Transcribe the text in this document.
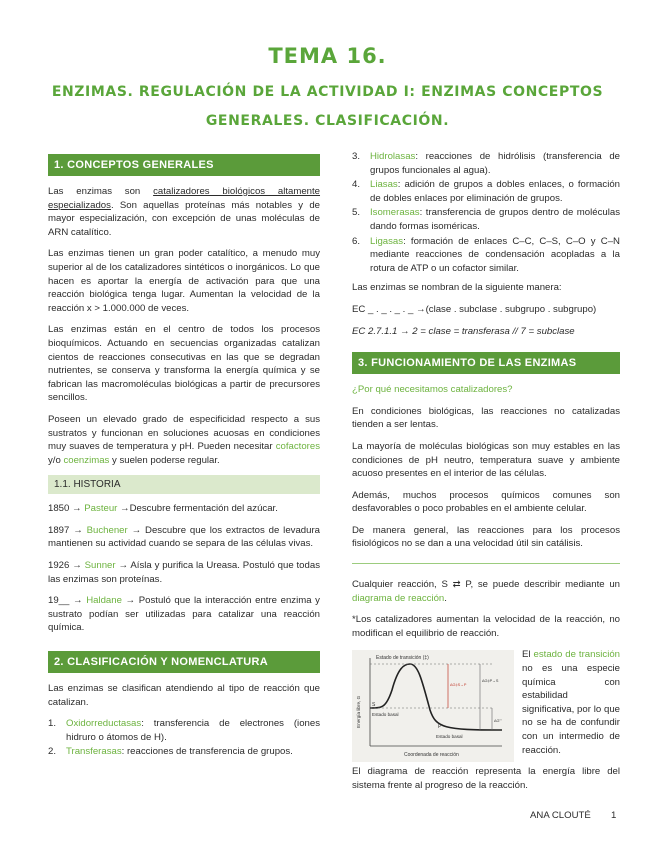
TEMA 16.
ENZIMAS. REGULACIÓN DE LA ACTIVIDAD I: ENZIMAS CONCEPTOS
GENERALES. CLASIFICACIÓN.
1. CONCEPTOS GENERALES

Las enzimas son catalizadores biológicos altamente especializados. Son aquellas proteínas más notables y de mayor especialización, con excepción de unas moléculas de ARN catalítico.

Las enzimas tienen un gran poder catalítico, a menudo muy superior al de los catalizadores sintéticos o inorgánicos. Lo que hacen es aportar la energía de activación para que una reacción biológica tenga lugar. Aumentan la velocidad de la reacción x > 1.000.000 de veces.

Las enzimas están en el centro de todos los procesos bioquímicos. Actuando en secuencias organizadas catalizan cientos de reacciones consecutivas en las que se degradan nutrientes, se conserva y transforma la energía química y se fabrican las macromoléculas biológicas a partir de precursores sencillos.

Poseen un elevado grado de especificidad respecto a sus sustratos y funcionan en soluciones acuosas en condiciones muy suaves de temperatura y pH. Pueden necesitar cofactores y/o coenzimas y suelen poderse regular.

1.1. HISTORIA

1850 → Pasteur →Descubre fermentación del azúcar.

1897 → Buchener → Descubre que los extractos de levadura mantienen su actividad cuando se separa de las células vivas.

1926 → Sunner → Aísla y purifica la Ureasa. Postuló que todas las enzimas son proteínas.

19__ → Haldane → Postuló que la interacción entre enzima y sustrato podían ser utilizadas para catalizar una reacción química.

2. CLASIFICACIÓN Y NOMENCLATURA

Las enzimas se clasifican atendiendo al tipo de reacción que catalizan.

1. Oxidorreductasas: transferencia de electrones (iones hidruro o átomos de H).
2. Transferasas: reacciones de transferencia de grupos.
3. Hidrolasas: reacciones de hidrólisis (transferencia de grupos funcionales al agua).
4. Liasas: adición de grupos a dobles enlaces, o formación de dobles enlaces por eliminación de grupos.
5. Isomerasas: transferencia de grupos dentro de moléculas dando formas isoméricas.
6. Ligasas: formación de enlaces C–C, C–S, C–O y C–N mediante reacciones de condensación acopladas a la rotura de ATP o un cofactor similar.

Las enzimas se nombran de la siguiente manera:

EC _ . _ . _ . _ →(clase . subclase . subgrupo . subgrupo)

EC 2.7.1.1 → 2 = clase = transferasa // 7 = subclase

3. FUNCIONAMIENTO DE LAS ENZIMAS

¿Por qué necesitamos catalizadores?

En condiciones biológicas, las reacciones no catalizadas tienden a ser lentas.

La mayoría de moléculas biológicas son muy estables en las condiciones de pH neutro, temperatura suave y ambiente acuoso presentes en el interior de las células.

Además, muchos procesos químicos comunes son desfavorables o poco probables en el ambiente celular.

De manera general, las reacciones para los procesos fisiológicos no se dan a una velocidad útil sin catálisis.

Cualquier reacción, S ⇄ P, se puede describir mediante un diagrama de reacción.

*Los catalizadores aumentan la velocidad de la reacción, no modifican el equilibrio de reacción.

Estado de transición (‡)
Energía libre, G S
P
Estado basal
Estado basal
Coordenada de reacción
ΔG‡S→P
ΔG‡P→S
ΔG'°
El estado de transición no es una especie química con estabilidad significativa, por lo que no se ha de confundir con un intermedio de reacción.
El diagrama de reacción representa la energía libre del sistema frente al progreso de la reacción.
ANA CLOUTÉ 1
